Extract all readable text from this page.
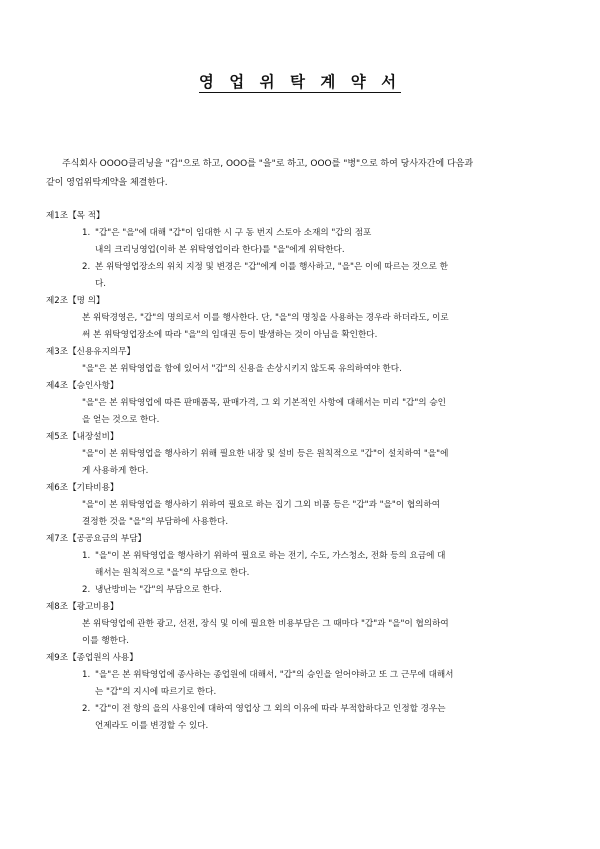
영 업 위 탁 계 약 서
주식회사 OOOO클리닝을 "갑"으로 하고, OOO를 "을"로 하고, OOO를 "병"으로 하여 당사자간에 다음과
같이 영업위탁계약을 체결한다.
제1조【목 적】
1. "갑"은 "을"에 대해 "갑"이 임대한 시 구 동 번지 스토아 소재의 "갑의 점포
내의 크리닝영업(이하 본 위탁영업이라 한다)를 "을"에게 위탁한다.
2. 본 위탁영업장소의 위치 지정 및 변경은 "갑"에게 이를 행사하고, "을"은 이에 따르는 것으로 한
다.
제2조【명 의】
본 위탁경영은, "갑"의 명의로서 이를 행사한다. 단, "을"의 명칭을 사용하는 경우라 하더라도, 이로
써 본 위탁영업장소에 따라 "을"의 임대권 등이 발생하는 것이 아님을 확인한다.
제3조【신용유지의무】
"을"은 본 위탁영업을 함에 있어서 "갑"의 신용을 손상시키지 않도록 유의하여야 한다.
제4조【승인사항】
"을"은 본 위탁영업에 따른 판매품목, 판매가격, 그 외 기본적인 사항에 대해서는 미리 "갑"의 승인
을 얻는 것으로 한다.
제5조【내장설비】
"을"이 본 위탁영업을 행사하기 위해 필요한 내장 및 설비 등은 원칙적으로 "갑"이 설치하여 "을"에
게 사용하게 한다.
제6조【기타비용】
"을"이 본 위탁영업을 행사하기 위하여 필요로 하는 집기 그외 비품 등은 "갑"과 "을"이 협의하여
결정한 것을 "을"의 부담하에 사용한다.
제7조【공공요금의 부담】
1. "을"이 본 위탁영업을 행사하기 위하여 필요로 하는 전기, 수도, 가스청소, 전화 등의 요금에 대
해서는 원칙적으로 "을"의 부담으로 한다.
2. 냉난방비는 "갑"의 부담으로 한다.
제8조【광고비용】
본 위탁영업에 관한 광고, 선전, 장식 및 이에 필요한 비용부담은 그 때마다 "갑"과 "을"이 협의하여
이를 행한다.
제9조【종업원의 사용】
1. "을"은 본 위탁영업에 종사하는 종업원에 대해서, "갑"의 승인을 얻어야하고 또 그 근무에 대해서
는 "갑"의 지시에 따르기로 한다.
2. "갑"이 전 항의 을의 사용인에 대하여 영업상 그 외의 이유에 따라 부적합하다고 인정할 경우는
언제라도 이를 변경할 수 있다.
